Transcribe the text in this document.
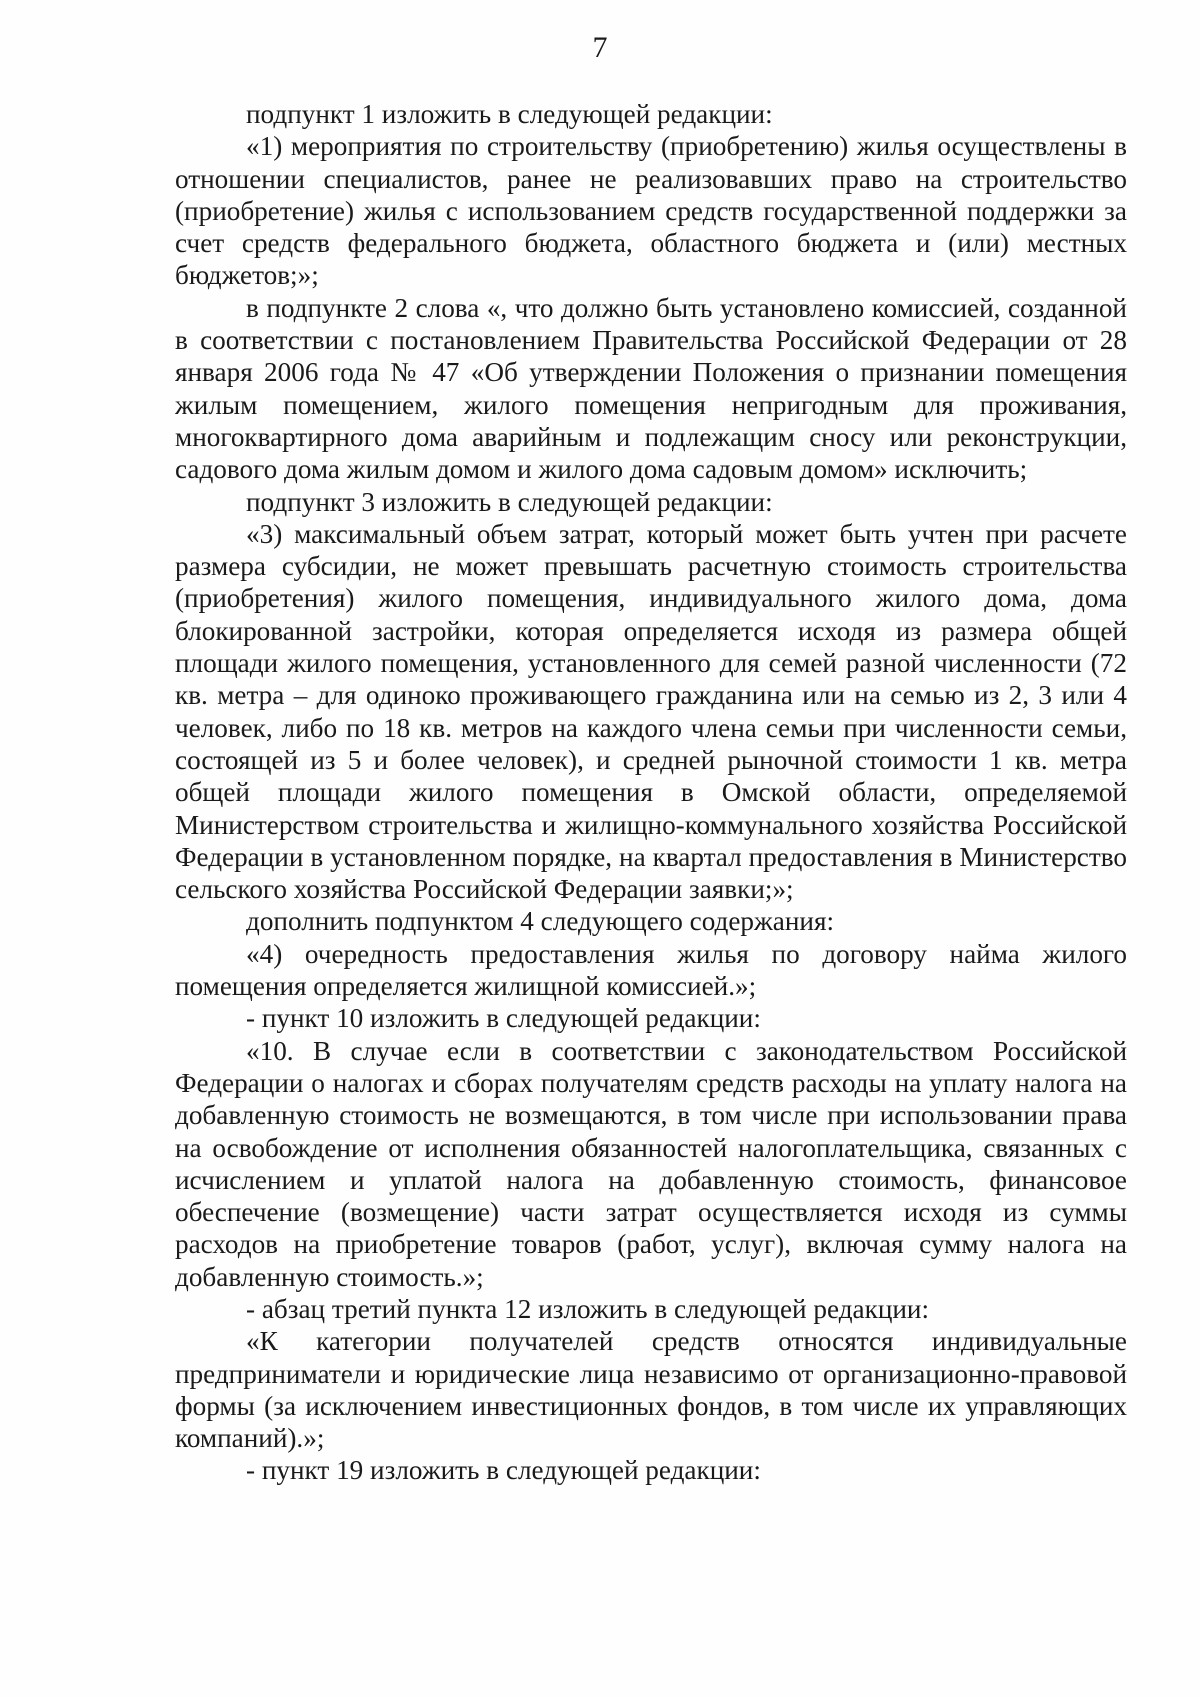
7

подпункт 1 изложить в следующей редакции:

«1) мероприятия по строительству (приобретению) жилья осуществлены в отношении специалистов, ранее не реализовавших право на строительство (приобретение) жилья с использованием средств государственной поддержки за счет средств федерального бюджета, областного бюджета и (или) местных бюджетов;»;

в подпункте 2 слова «, что должно быть установлено комиссией, созданной в соответствии с постановлением Правительства Российской Федерации от 28 января 2006 года № 47 «Об утверждении Положения о признании помещения жилым помещением, жилого помещения непригодным для проживания, многоквартирного дома аварийным и подлежащим сносу или реконструкции, садового дома жилым домом и жилого дома садовым домом» исключить;

подпункт 3 изложить в следующей редакции:

«3) максимальный объем затрат, который может быть учтен при расчете размера субсидии, не может превышать расчетную стоимость строительства (приобретения) жилого помещения, индивидуального жилого дома, дома блокированной застройки, которая определяется исходя из размера общей площади жилого помещения, установленного для семей разной численности (72 кв. метра – для одиноко проживающего гражданина или на семью из 2, 3 или 4 человек, либо по 18 кв. метров на каждого члена семьи при численности семьи, состоящей из 5 и более человек), и средней рыночной стоимости 1 кв. метра общей площади жилого помещения в Омской области, определяемой Министерством строительства и жилищно-коммунального хозяйства Российской Федерации в установленном порядке, на квартал предоставления в Министерство сельского хозяйства Российской Федерации заявки;»;

дополнить подпунктом 4 следующего содержания:

«4) очередность предоставления жилья по договору найма жилого помещения определяется жилищной комиссией.»;

- пункт 10 изложить в следующей редакции:

«10. В случае если в соответствии с законодательством Российской Федерации о налогах и сборах получателям средств расходы на уплату налога на добавленную стоимость не возмещаются, в том числе при использовании права на освобождение от исполнения обязанностей налогоплательщика, связанных с исчислением и уплатой налога на добавленную стоимость, финансовое обеспечение (возмещение) части затрат осуществляется исходя из суммы расходов на приобретение товаров (работ, услуг), включая сумму налога на добавленную стоимость.»;

- абзац третий пункта 12 изложить в следующей редакции:

«К категории получателей средств относятся индивидуальные предприниматели и юридические лица независимо от организационно-правовой формы (за исключением инвестиционных фондов, в том числе их управляющих компаний).»;

- пункт 19 изложить в следующей редакции:
